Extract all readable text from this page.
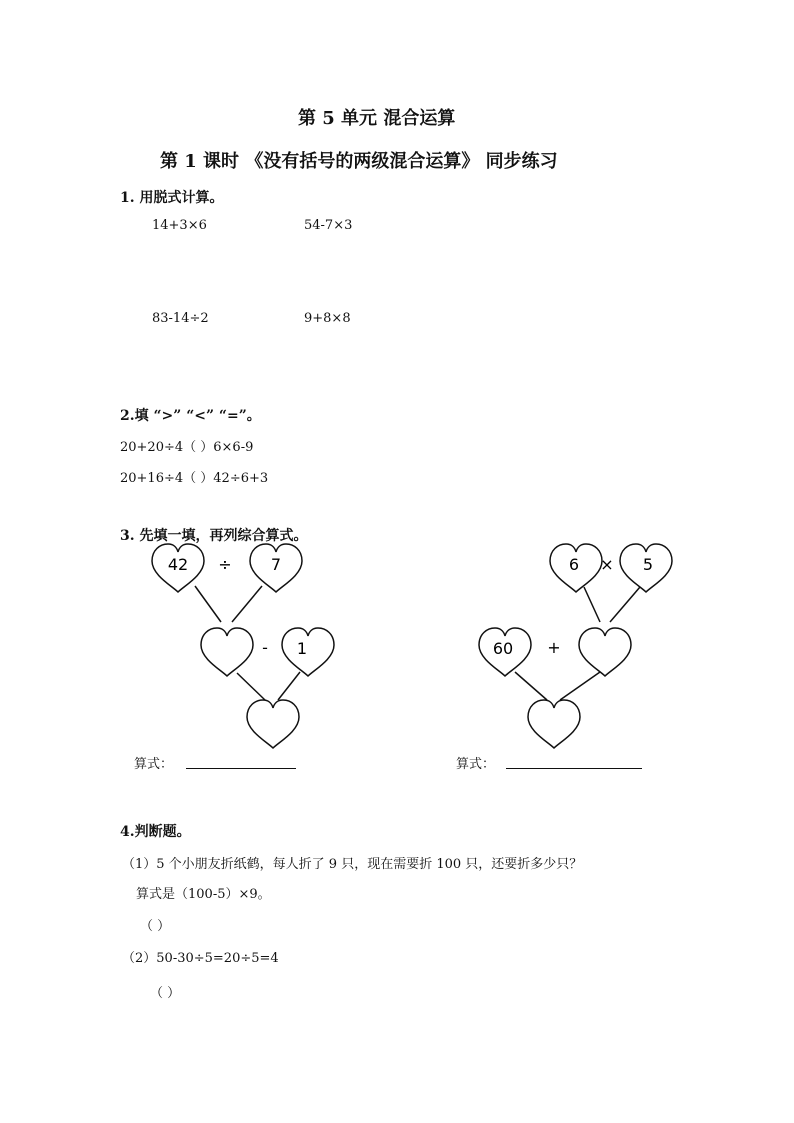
第 5 单元 混合运算
第 1 课时 《没有括号的两级混合运算》 同步练习
1. 用脱式计算。
14+3×6	54-7×3
83-14÷2	9+8×8
2.填 “>” “<” “=”。
20+20÷4（ ）6×6-9
20+16÷4（ ）42÷6+3
3. 先填一填，再列综合算式。
42 ÷ 7
- 1
6 × 5
60 +
算式：	算式：
4.判断题。
（1）5 个小朋友折纸鹤，每人折了 9 只，现在需要折 100 只，还要折多少只？
算式是（100-5）×9。
（ ）
（2）50-30÷5=20÷5=4
（ ）
